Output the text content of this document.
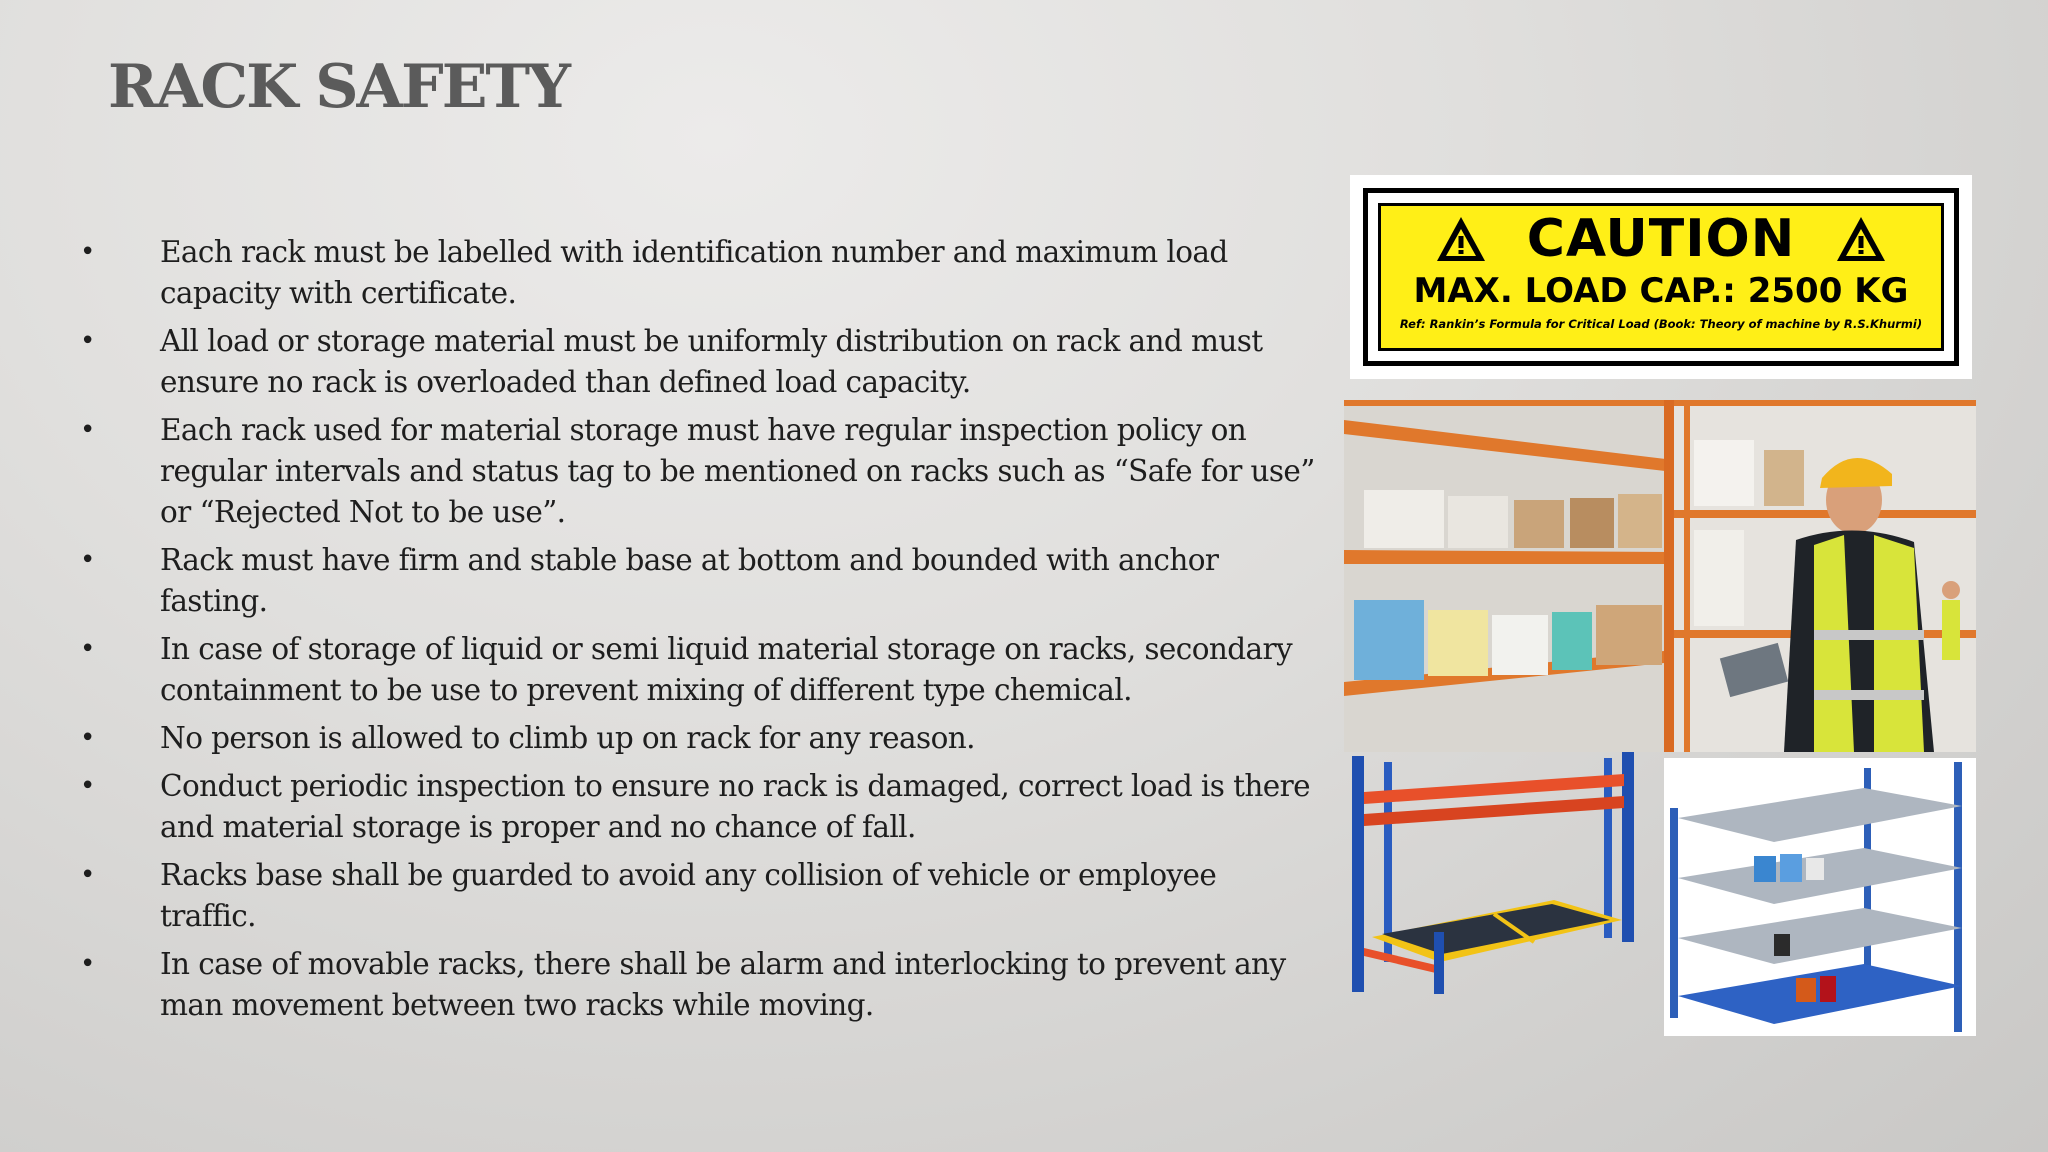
RACK SAFETY
• Each rack must be labelled with identification number and maximum load capacity with certificate.
• All load or storage material must be uniformly distribution on rack and must ensure no rack is overloaded than defined load capacity.
• Each rack used for material storage must have regular inspection policy on regular intervals and status tag to be mentioned on racks such as “Safe for use” or “Rejected Not to be use”.
• Rack must have firm and stable base at bottom and bounded with anchor fasting.
• In case of storage of liquid or semi liquid material storage on racks, secondary containment to be use to prevent mixing of different type chemical.
• No person is allowed to climb up on rack for any reason.
• Conduct periodic inspection to ensure no rack is damaged, correct load is there and material storage is proper and no chance of fall.
• Racks base shall be guarded to avoid any collision of vehicle or employee traffic.
• In case of movable racks, there shall be alarm and interlocking to prevent any man movement between two racks while moving.
CAUTION
MAX. LOAD CAP.: 2500 KG
Ref: Rankin’s Formula for Critical Load (Book: Theory of machine by R.S.Khurmi)
